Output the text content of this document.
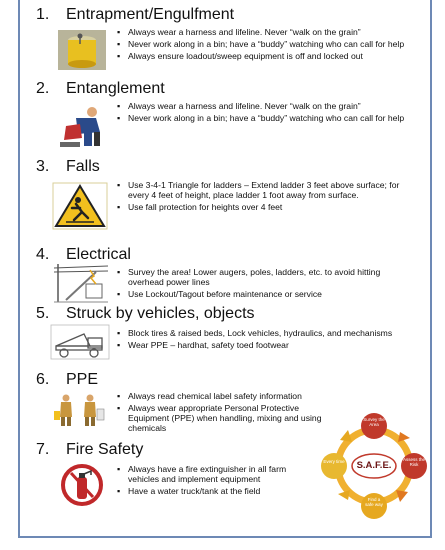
1. Entrapment/Engulfment
▪ Always wear a harness and lifeline. Never “walk on the grain”
▪ Never work along in a bin; have a “buddy” watching who can call for help
▪ Always ensure loadout/sweep equipment is off and locked out
2. Entanglement
▪ Always wear a harness and lifeline. Never “walk on the grain”
▪ Never work along in a bin; have a “buddy” watching who can call for help
3. Falls
▪ Use 3-4-1 Triangle for ladders – Extend ladder 3 feet above surface; for every 4 feet of height, place ladder 1 foot away from surface.
▪ Use fall protection for heights over 4 feet
4. Electrical
▪ Survey the area! Lower augers, poles, ladders, etc. to avoid hitting overhead power lines
▪ Use Lockout/Tagout before maintenance or service
5. Struck by vehicles, objects
▪ Block tires & raised beds, Lock vehicles, hydraulics, and mechanisms
▪ Wear PPE – hardhat, safety toed footwear
6. PPE
▪ Always read chemical label safety information
▪ Always wear appropriate Personal Protective Equipment (PPE) when handling, mixing and using chemicals
7. Fire Safety
▪ Always have a fire extinguisher in all farm vehicles and implement equipment
▪ Have a water truck/tank at the field
S.A.F.E.
Survey the Area
Assess the Risk
Find a safe way
Every time
